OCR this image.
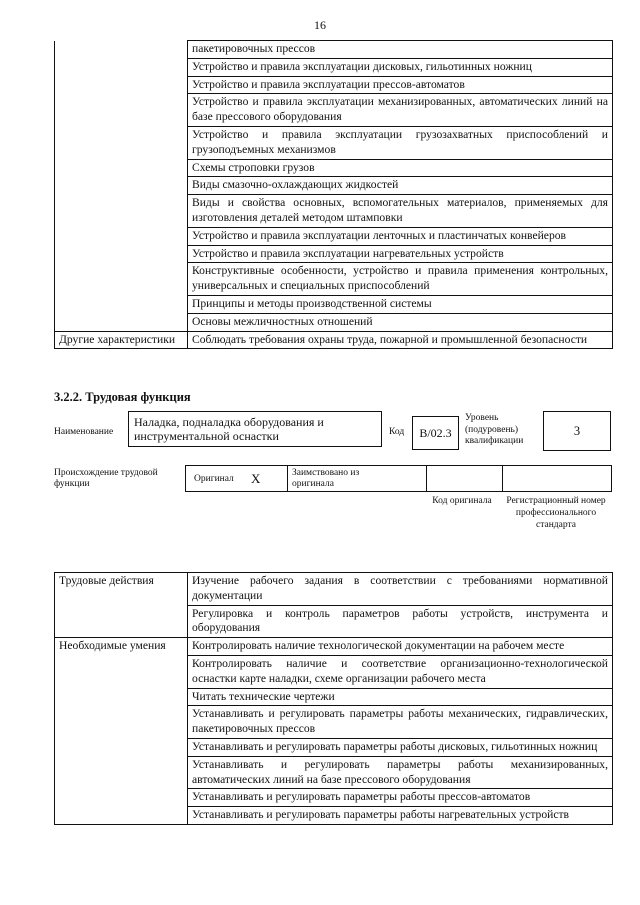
16
	пакетировочных прессов
	Устройство и правила эксплуатации дисковых, гильотинных ножниц
	Устройство и правила эксплуатации прессов-автоматов
	Устройство и правила эксплуатации механизированных, автоматических линий на базе прессового оборудования
	Устройство и правила эксплуатации грузозахватных приспособлений и грузоподъемных механизмов
	Схемы строповки грузов
	Виды смазочно-охлаждающих жидкостей
	Виды и свойства основных, вспомогательных материалов, применяемых для изготовления деталей методом штамповки
	Устройство и правила эксплуатации ленточных и пластинчатых конвейеров
	Устройство и правила эксплуатации нагревательных устройств
	Конструктивные особенности, устройство и правила применения контрольных, универсальных и специальных приспособлений
	Принципы и методы производственной системы
	Основы межличностных отношений
Другие характеристики	Соблюдать требования охраны труда, пожарной и промышленной безопасности
3.2.2. Трудовая функция
Наименование
Наладка, подналадка оборудования и инструментальной оснастки	Код	B/02.3
Уровень (подуровень) квалификации
3
Происхождение трудовой функции	Оригинал X	Заимствовано из оригинала
Код оригинала Регистрационный номер профессионального стандарта
Трудовые действия	Изучение рабочего задания в соответствии с требованиями нормативной документации
	Регулировка и контроль параметров работы устройств, инструмента и оборудования
Необходимые умения	Контролировать наличие технологической документации на рабочем месте
	Контролировать наличие и соответствие организационно-технологической оснастки карте наладки, схеме организации рабочего места
	Читать технические чертежи
	Устанавливать и регулировать параметры работы механических, гидравлических, пакетировочных прессов
	Устанавливать и регулировать параметры работы дисковых, гильотинных ножниц
	Устанавливать и регулировать параметры работы механизированных, автоматических линий на базе прессового оборудования
	Устанавливать и регулировать параметры работы прессов-автоматов
	Устанавливать и регулировать параметры работы нагревательных устройств
